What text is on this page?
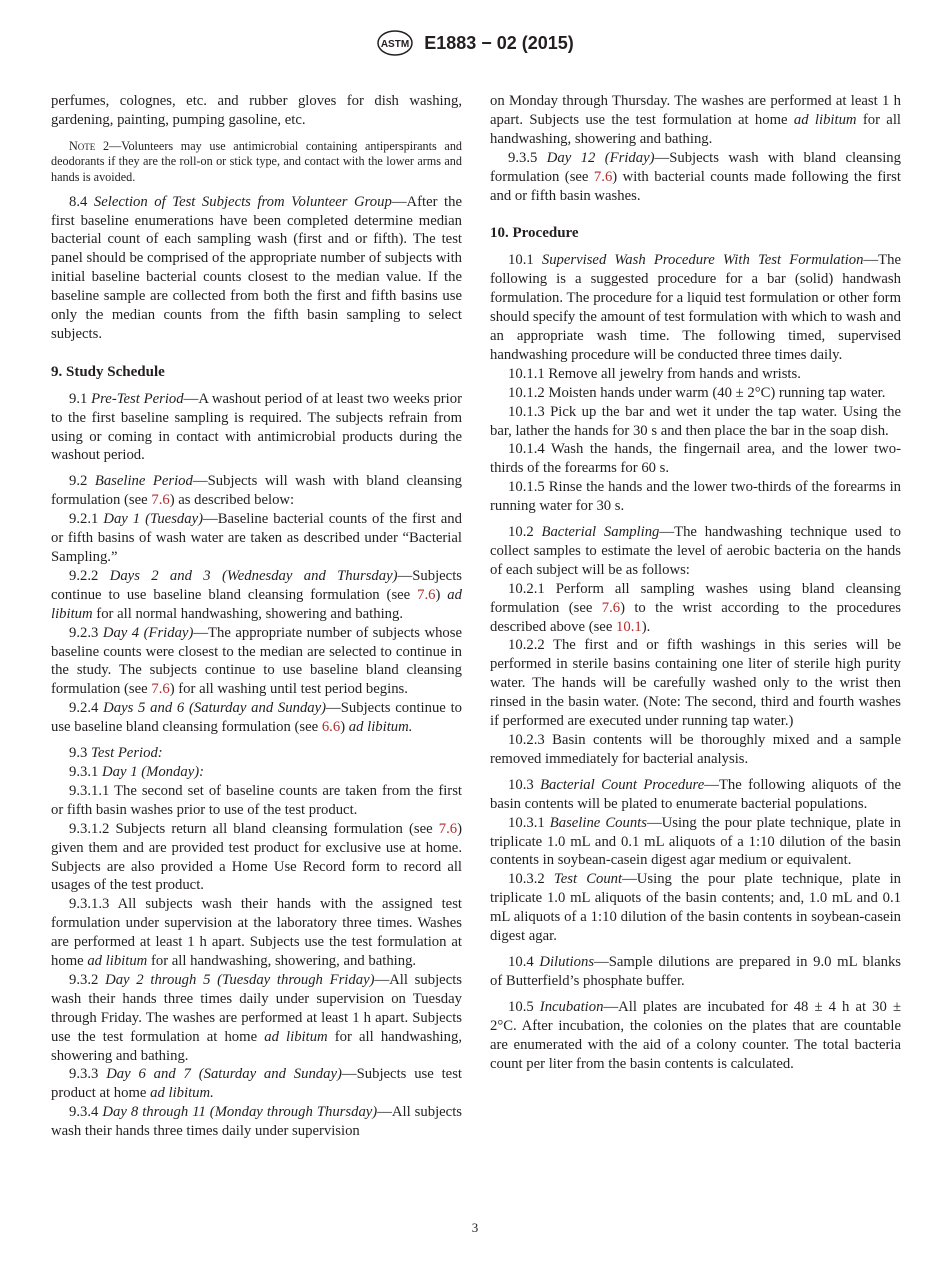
ASTM E1883 − 02 (2015)

perfumes, colognes, etc. and rubber gloves for dish washing, gardening, painting, pumping gasoline, etc.

Note 2—Volunteers may use antimicrobial containing antiperspirants and deodorants if they are the roll-on or stick type, and contact with the lower arms and hands is avoided.

8.4 Selection of Test Subjects from Volunteer Group—After the first baseline enumerations have been completed determine median bacterial count of each sampling wash (first and or fifth). The test panel should be comprised of the appropriate number of subjects with initial baseline bacterial counts closest to the median value. If the baseline sample are collected from both the first and fifth basins use only the median counts from the fifth basin sampling to select subjects.

9. Study Schedule

9.1 Pre-Test Period—A washout period of at least two weeks prior to the first baseline sampling is required. The subjects refrain from using or coming in contact with antimicrobial products during the washout period.

9.2 Baseline Period—Subjects will wash with bland cleansing formulation (see 7.6) as described below:

9.2.1 Day 1 (Tuesday)—Baseline bacterial counts of the first and or fifth basins of wash water are taken as described under “Bacterial Sampling.”

9.2.2 Days 2 and 3 (Wednesday and Thursday)—Subjects continue to use baseline bland cleansing formulation (see 7.6) ad libitum for all normal handwashing, showering and bathing.

9.2.3 Day 4 (Friday)—The appropriate number of subjects whose baseline counts were closest to the median are selected to continue in the study. The subjects continue to use baseline bland cleansing formulation (see 7.6) for all washing until test period begins.

9.2.4 Days 5 and 6 (Saturday and Sunday)—Subjects continue to use baseline bland cleansing formulation (see 6.6) ad libitum.

9.3 Test Period:

9.3.1 Day 1 (Monday):

9.3.1.1 The second set of baseline counts are taken from the first or fifth basin washes prior to use of the test product.

9.3.1.2 Subjects return all bland cleansing formulation (see 7.6) given them and are provided test product for exclusive use at home. Subjects are also provided a Home Use Record form to record all usages of the test product.

9.3.1.3 All subjects wash their hands with the assigned test formulation under supervision at the laboratory three times. Washes are performed at least 1 h apart. Subjects use the test formulation at home ad libitum for all handwashing, showering, and bathing.

9.3.2 Day 2 through 5 (Tuesday through Friday)—All subjects wash their hands three times daily under supervision on Tuesday through Friday. The washes are performed at least 1 h apart. Subjects use the test formulation at home ad libitum for all handwashing, showering and bathing.

9.3.3 Day 6 and 7 (Saturday and Sunday)—Subjects use test product at home ad libitum.

9.3.4 Day 8 through 11 (Monday through Thursday)—All subjects wash their hands three times daily under supervision

on Monday through Thursday. The washes are performed at least 1 h apart. Subjects use the test formulation at home ad libitum for all handwashing, showering and bathing.

9.3.5 Day 12 (Friday)—Subjects wash with bland cleansing formulation (see 7.6) with bacterial counts made following the first and or fifth basin washes.

10. Procedure

10.1 Supervised Wash Procedure With Test Formulation—The following is a suggested procedure for a bar (solid) handwash formulation. The procedure for a liquid test formulation or other form should specify the amount of test formulation with which to wash and an appropriate wash time. The following timed, supervised handwashing procedure will be conducted three times daily.

10.1.1 Remove all jewelry from hands and wrists.

10.1.2 Moisten hands under warm (40 ± 2°C) running tap water.

10.1.3 Pick up the bar and wet it under the tap water. Using the bar, lather the hands for 30 s and then place the bar in the soap dish.

10.1.4 Wash the hands, the fingernail area, and the lower two-thirds of the forearms for 60 s.

10.1.5 Rinse the hands and the lower two-thirds of the forearms in running water for 30 s.

10.2 Bacterial Sampling—The handwashing technique used to collect samples to estimate the level of aerobic bacteria on the hands of each subject will be as follows:

10.2.1 Perform all sampling washes using bland cleansing formulation (see 7.6) to the wrist according to the procedures described above (see 10.1).

10.2.2 The first and or fifth washings in this series will be performed in sterile basins containing one liter of sterile high purity water. The hands will be carefully washed only to the wrist then rinsed in the basin water. (Note: The second, third and fourth washes if performed are executed under running tap water.)

10.2.3 Basin contents will be thoroughly mixed and a sample removed immediately for bacterial analysis.

10.3 Bacterial Count Procedure—The following aliquots of the basin contents will be plated to enumerate bacterial populations.

10.3.1 Baseline Counts—Using the pour plate technique, plate in triplicate 1.0 mL and 0.1 mL aliquots of a 1:10 dilution of the basin contents in soybean-casein digest agar medium or equivalent.

10.3.2 Test Count—Using the pour plate technique, plate in triplicate 1.0 mL aliquots of the basin contents; and, 1.0 mL and 0.1 mL aliquots of a 1:10 dilution of the basin contents in soybean-casein digest agar.

10.4 Dilutions—Sample dilutions are prepared in 9.0 mL blanks of Butterfield’s phosphate buffer.

10.5 Incubation—All plates are incubated for 48 ± 4 h at 30 ± 2°C. After incubation, the colonies on the plates that are countable are enumerated with the aid of a colony counter. The total bacteria count per liter from the basin contents is calculated.

3
